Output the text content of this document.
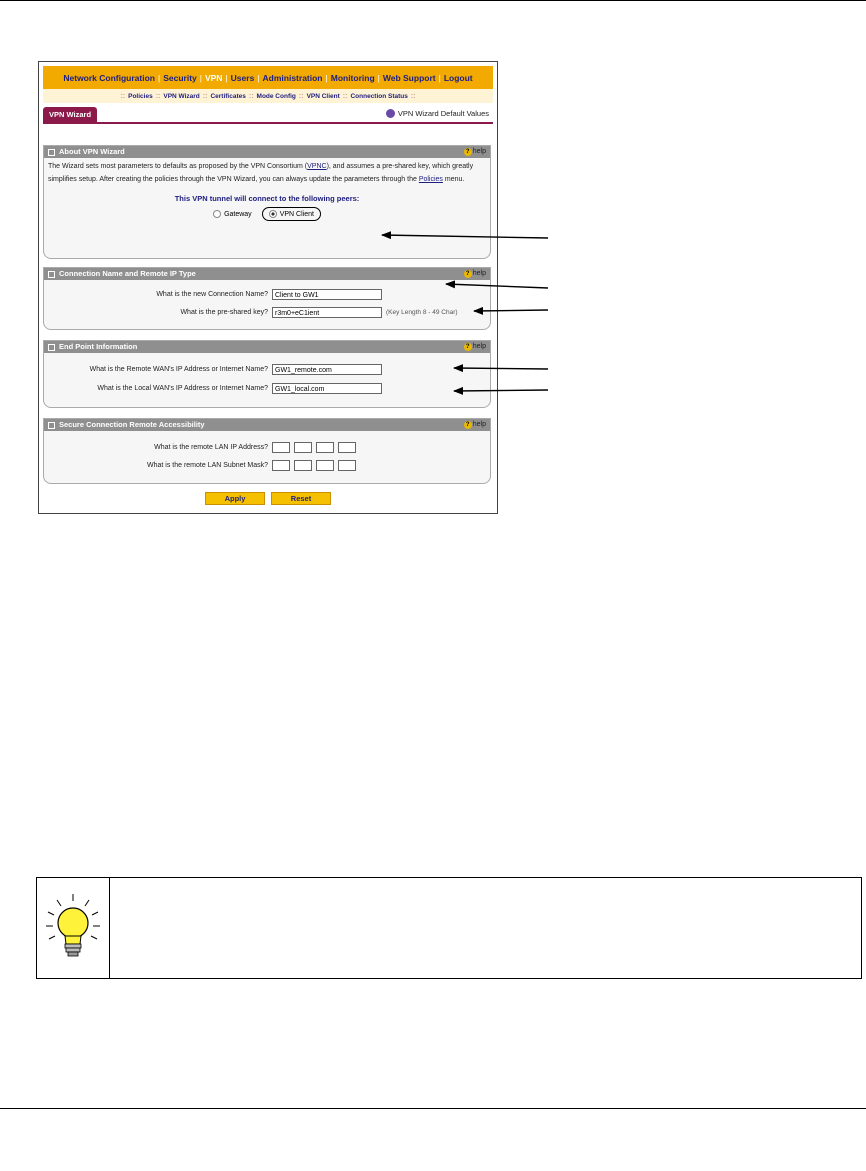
Network Configuration | Security | VPN | Users | Administration | Monitoring | Web Support | Logout
:: Policies :: VPN Wizard :: Certificates :: Mode Config :: VPN Client :: Connection Status ::
VPN Wizard	VPN Wizard Default Values
About VPN Wizard	? help
The Wizard sets most parameters to defaults as proposed by the VPN Consortium (VPNC), and assumes a pre-shared key, which greatly simplifies setup. After creating the policies through the VPN Wizard, you can always update the parameters through the Policies menu.
This VPN tunnel will connect to the following peers:
Gateway	VPN Client
Connection Name and Remote IP Type	? help
What is the new Connection Name?	Client to GW1
What is the pre-shared key?	r3m0+eC1ient	(Key Length 8 - 49 Char)
End Point Information	? help
What is the Remote WAN's IP Address or Internet Name?	GW1_remote.com
What is the Local WAN's IP Address or Internet Name?	GW1_local.com
Secure Connection Remote Accessibility	? help
What is the remote LAN IP Address?
What is the remote LAN Subnet Mask?
Apply	Reset
